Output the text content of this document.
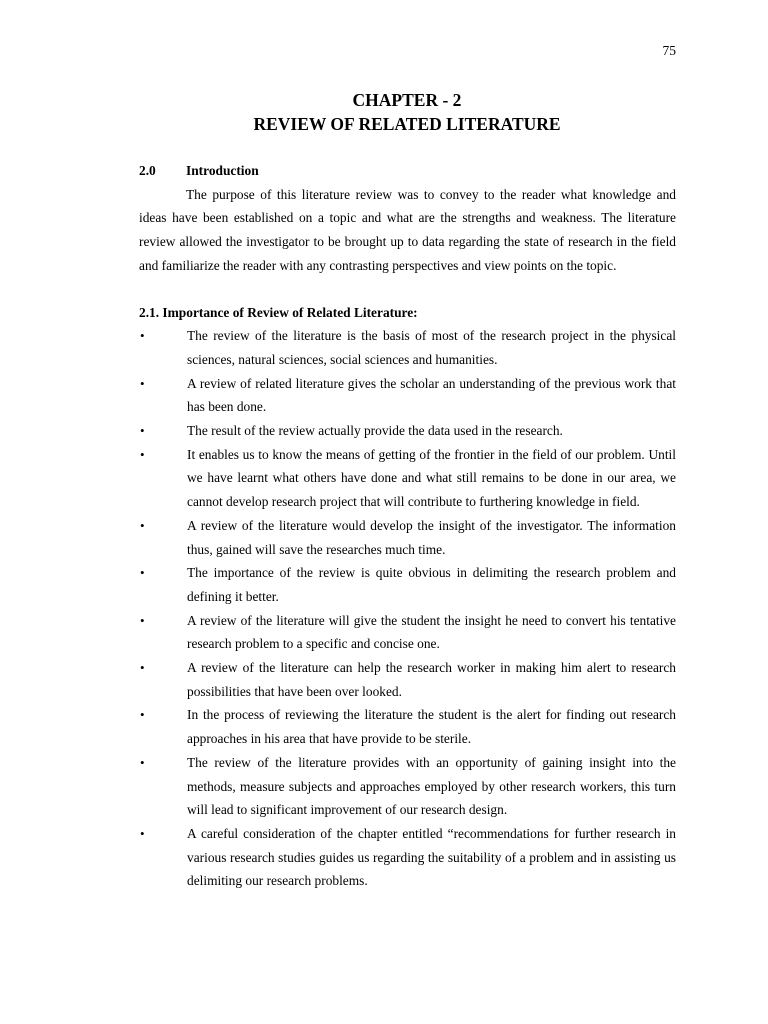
75
CHAPTER - 2
REVIEW OF RELATED LITERATURE
2.0	Introduction
The purpose of this literature review was to convey to the reader what knowledge and ideas have been established on a topic and what are the strengths and weakness. The literature review allowed the investigator to be brought up to data regarding the state of research in the field and familiarize the reader with any contrasting perspectives and view points on the topic.
2.1. Importance of Review of Related Literature:
•	The review of the literature is the basis of most of the research project in the physical sciences, natural sciences, social sciences and humanities.
•	A review of related literature gives the scholar an understanding of the previous work that has been done.
•	The result of the review actually provide the data used in the research.
•	It enables us to know the means of getting of the frontier in the field of our problem. Until we have learnt what others have done and what still remains to be done in our area, we cannot develop research project that will contribute to furthering knowledge in field.
•	A review of the literature would develop the insight of the investigator. The information thus, gained will save the researches much time.
•	The importance of the review is quite obvious in delimiting the research problem and defining it better.
•	A review of the literature will give the student the insight he need to convert his tentative research problem to a specific and concise one.
•	A review of the literature can help the research worker in making him alert to research possibilities that have been over looked.
•	In the process of reviewing the literature the student is the alert for finding out research approaches in his area that have provide to be sterile.
•	The review of the literature provides with an opportunity of gaining insight into the methods, measure subjects and approaches employed by other research workers, this turn will lead to significant improvement of our research design.
•	A careful consideration of the chapter entitled “recommendations for further research in various research studies guides us regarding the suitability of a problem and in assisting us delimiting our research problems.
